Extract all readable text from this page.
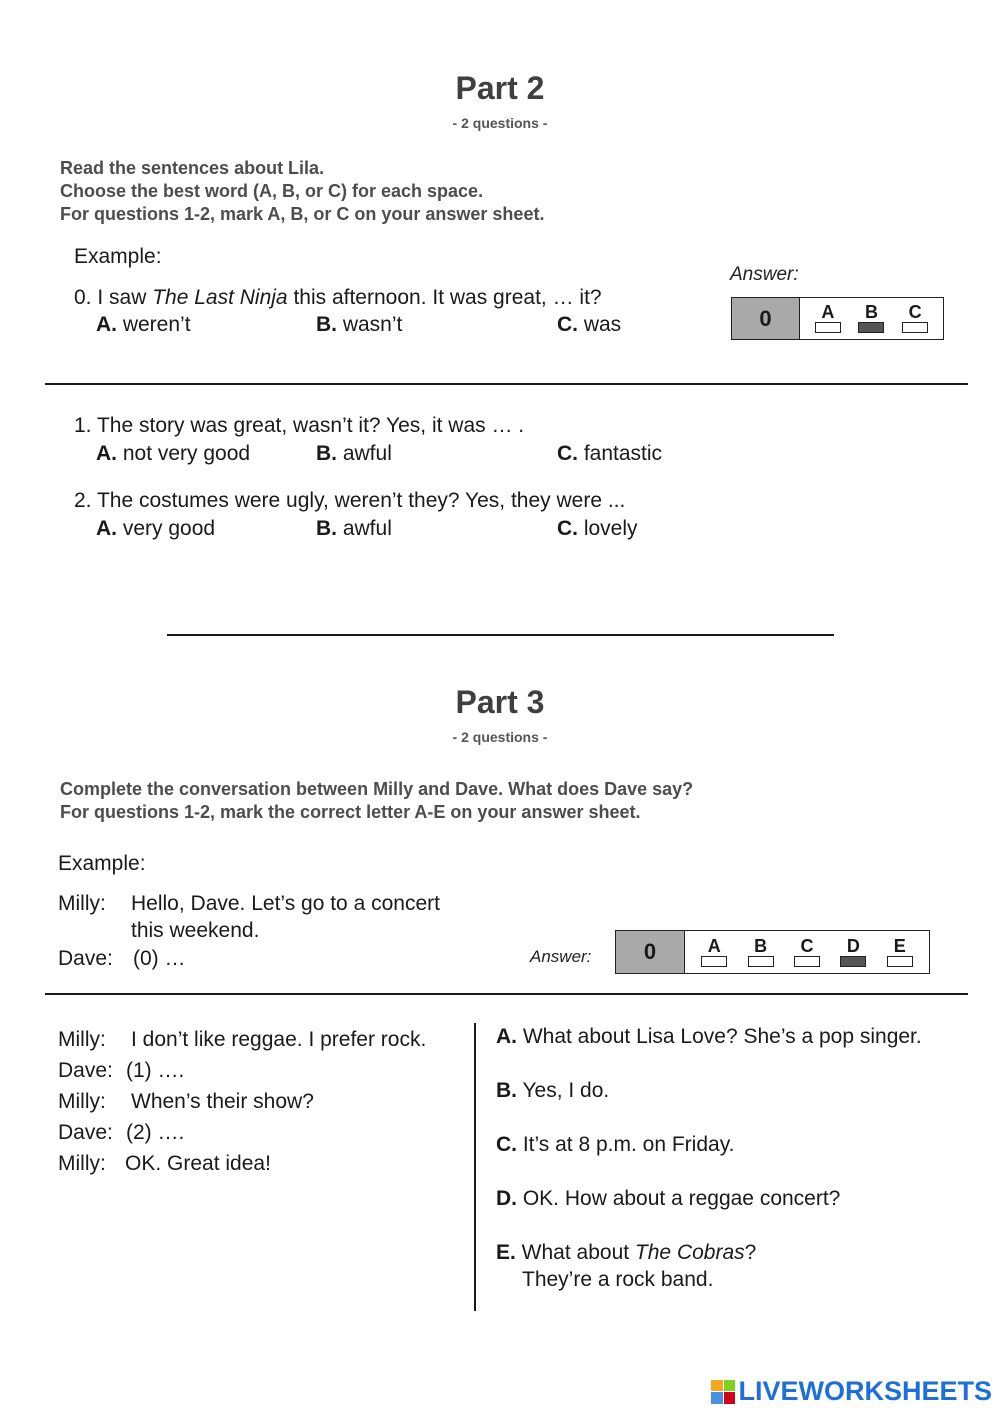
Part 2
- 2 questions -
Read the sentences about Lila.
Choose the best word (A, B, or C) for each space.
For questions 1-2, mark A, B, or C on your answer sheet.
Example:
0. I saw The Last Ninja this afternoon. It was great, … it?
A. weren’t	B. wasn’t	C. was
Answer:
0	A B C
1. The story was great, wasn’t it? Yes, it was … .
A. not very good	B. awful	C. fantastic
2. The costumes were ugly, weren’t they? Yes, they were ...
A. very good	B. awful	C. lovely
Part 3
- 2 questions -
Complete the conversation between Milly and Dave. What does Dave say?
For questions 1-2, mark the correct letter A-E on your answer sheet.
Example:
Milly: Hello, Dave. Let’s go to a concert
this weekend.
Dave: (0) …	Answer:	0	A B C D E
Milly: I don’t like reggae. I prefer rock.
Dave: (1) ….
Milly: When’s their show?
Dave: (2) ….
Milly: OK. Great idea!
A. What about Lisa Love? She’s a pop singer.
B. Yes, I do.
C. It’s at 8 p.m. on Friday.
D. OK. How about a reggae concert?
E. What about The Cobras?
They’re a rock band.
LIVEWORKSHEETS
